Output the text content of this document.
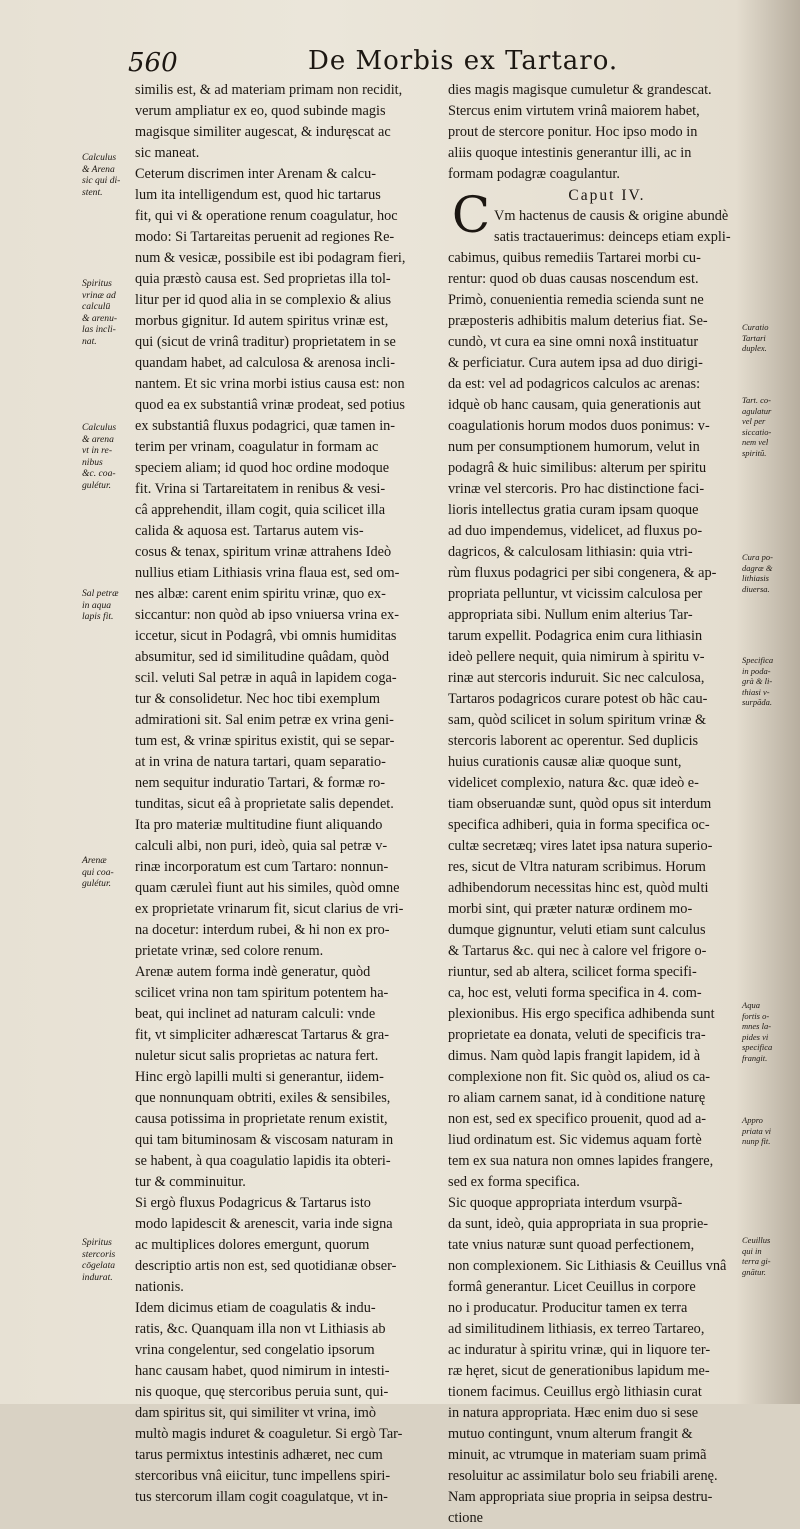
560	De Morbis ex Tartaro.
similis est, & ad materiam primam non recidit,
verum ampliatur ex eo, quod subinde magis
magisque similiter augescat, & induręscat ac
sic maneat.
Ceterum discrimen inter Arenam & calcu-
lum ita intelligendum est, quod hic tartarus
fit, qui vi & operatione renum coagulatur, hoc
modo: Si Tartareitas peruenit ad regiones Re-
num & vesicæ, possibile est ibi podagram fieri,
quia præstò causa est. Sed proprietas illa tol-
litur per id quod alia in se complexio & alius
morbus gignitur. Id autem spiritus vrinæ est,
qui (sicut de vrinâ traditur) proprietatem in se
quandam habet, ad calculosa & arenosa incli-
nantem. Et sic vrina morbi istius causa est: non
quod ea ex substantiâ vrinæ prodeat, sed potius
ex substantiâ fluxus podagrici, quæ tamen in-
terim per vrinam, coagulatur in formam ac
speciem aliam; id quod hoc ordine modoque
fit. Vrina si Tartareitatem in renibus & vesi-
câ apprehendit, illam cogit, quia scilicet illa
calida & aquosa est. Tartarus autem vis-
cosus & tenax, spiritum vrinæ attrahens Ideò
nullius etiam Lithiasis vrina flaua est, sed om-
nes albæ: carent enim spiritu vrinæ, quo ex-
siccantur: non quòd ab ipso vniuersa vrina ex-
iccetur, sicut in Podagrâ, vbi omnis humiditas
absumitur, sed id similitudine quâdam, quòd
scil. veluti Sal petræ in aquâ in lapidem coga-
tur & consolidetur. Nec hoc tibi exemplum
admirationi sit. Sal enim petræ ex vrina geni-
tum est, & vrinæ spiritus existit, qui se separ-
at in vrina de natura tartari, quam separatio-
nem sequitur induratio Tartari, & formæ ro-
tunditas, sicut eâ à proprietate salis dependet.
Ita pro materiæ multitudine fiunt aliquando
calculi albi, non puri, ideò, quia sal petræ v-
rinæ incorporatum est cum Tartaro: nonnun-
quam cæruleì fiunt aut his similes, quòd omne
ex proprietate vrinarum fit, sicut clarius de vri-
na docetur: interdum rubei, & hi non ex pro-
prietate vrinæ, sed colore renum.
Arenæ autem forma indè generatur, quòd
scilicet vrina non tam spiritum potentem ha-
beat, qui inclinet ad naturam calculi: vnde
fit, vt simpliciter adhærescat Tartarus & gra-
nuletur sicut salis proprietas ac natura fert.
Hinc ergò lapilli multi si generantur, iidem-
que nonnunquam obtriti, exiles & sensibiles,
causa potissima in proprietate renum existit,
qui tam bituminosam & viscosam naturam in
se habent, à qua coagulatio lapidis ita obteri-
tur & comminuitur.
Si ergò fluxus Podagricus & Tartarus isto
modo lapidescit & arenescit, varia inde signa
ac multiplices dolores emergunt, quorum
descriptio artis non est, sed quotidianæ obser-
nationis.
Idem dicimus etiam de coagulatis & indu-
ratis, &c. Quanquam illa non vt Lithiasis ab
vrina congelentur, sed congelatio ipsorum
hanc causam habet, quod nimirum in intesti-
nis quoque, quę stercoribus peruia sunt, qui-
dam spiritus sit, qui similiter vt vrina, imò
multò magis induret & coaguletur. Si ergò Tar-
tarus permixtus intestinis adhæret, nec cum
stercoribus vnâ eiicitur, tunc impellens spiri-
tus stercorum illam cogit coagulatque, vt in-
dies magis magisque cumuletur & grandescat.
Stercus enim virtutem vrinâ maiorem habet,
prout de stercore ponitur. Hoc ipso modo in
aliis quoque intestinis generantur illi, ac in
formam podagræ coagulantur.
Caput IV.
Vm hactenus de causis & origine abundè
satis tractauerimus: deinceps etiam expli-
cabimus, quibus remediis Tartarei morbi cu-
rentur: quod ob duas causas noscendum est.
Primò, conuenientia remedia scienda sunt ne
præposteris adhibitis malum deterius fiat. Se-
cundò, vt cura ea sine omni noxâ instituatur
& perficiatur. Cura autem ipsa ad duo dirigi-
da est: vel ad podagricos calculos ac arenas:
idquè ob hanc causam, quia generationis aut
coagulationis horum modos duos ponimus: v-
num per consumptionem humorum, velut in
podagrâ & huic similibus: alterum per spiritu
vrinæ vel stercoris. Pro hac distinctione faci-
lioris intellectus gratia curam ipsam quoque
ad duo impendemus, videlicet, ad fluxus po-
dagricos, & calculosam lithiasin: quia vtri-
rùm fluxus podagrici per sibi congenera, & ap-
propriata pelluntur, vt vicissim calculosa per
appropriata sibi. Nullum enim alterius Tar-
tarum expellit. Podagrica enim cura lithiasin
ideò pellere nequit, quia nimirum à spiritu v-
rinæ aut stercoris induruit. Sic nec calculosa,
Tartaros podagricos curare potest ob hãc cau-
sam, quòd scilicet in solum spiritum vrinæ &
stercoris laborent ac operentur. Sed duplicis
huius curationis causæ aliæ quoque sunt,
videlicet complexio, natura &c. quæ ideò e-
tiam obseruandæ sunt, quòd opus sit interdum
specifica adhiberi, quia in forma specifica oc-
cultæ secretæq; vires latet ipsa natura superio-
res, sicut de Vltra naturam scribimus. Horum
adhibendorum necessitas hinc est, quòd multi
morbi sint, qui præter naturæ ordinem mo-
dumque gignuntur, veluti etiam sunt calculus
& Tartarus &c. qui nec à calore vel frigore o-
riuntur, sed ab altera, scilicet forma specifi-
ca, hoc est, veluti forma specifica in 4. com-
plexionibus. His ergo specifica adhibenda sunt
proprietate ea donata, veluti de specificis tra-
dimus. Nam quòd lapis frangit lapidem, id à
complexione non fit. Sic quòd os, aliud os ca-
ro aliam carnem sanat, id à conditione naturę
non est, sed ex specifico prouenit, quod ad a-
liud ordinatum est. Sic videmus aquam fortè
tem ex sua natura non omnes lapides frangere,
sed ex forma specifica.
Sic quoque appropriata interdum vsurpã-
da sunt, ideò, quia appropriata in sua proprie-
tate vnius naturæ sunt quoad perfectionem,
non complexionem. Sic Lithiasis & Ceuillus vnâ
formâ generantur. Licet Ceuillus in corpore
no i producatur. Producitur tamen ex terra
ad similitudinem lithiasis, ex terreo Tartareo,
ac induratur à spiritu vrinæ, qui in liquore ter-
ræ hęret, sicut de generationibus lapidum me-
tionem facimus. Ceuillus ergò lithiasin curat
in natura appropriata. Hæc enim duo si sese
mutuo contingunt, vnum alterum frangit &
minuit, ac vtrumque in materiam suam primã
resoluitur ac assimilatur bolo seu friabili arenę.
Nam appropriata siue propria in seipsa destru-
ctione
C
Calculus
& Arena
sic qui di-
stent.
Spiritus
vrinæ ad
calculū
& arenu-
las incli-
nat.
Calculus
& arena
vt in re-
nibus
&c. coa-
gulétur.
Sal petræ
in aqua
lapis fit.
Arenæ
qui coa-
gulétur.
Spiritus
stercoris
cōgelata
indurat.
Curatio
Tartari
duplex.
Tart. co-
agulatur
vel per
siccatio-
nem vel
spiritũ.
Cura po-
dagræ &
lithiasis
diuersa.
Specifica
in poda-
grà & li-
thiasi v-
surpãda.
Aqua
fortis o-
mnes la-
pides vi
specifica
frangit.
Appro
priata vi
nunp fit.
Ceuillus
qui in
terra gi-
gnātur.
